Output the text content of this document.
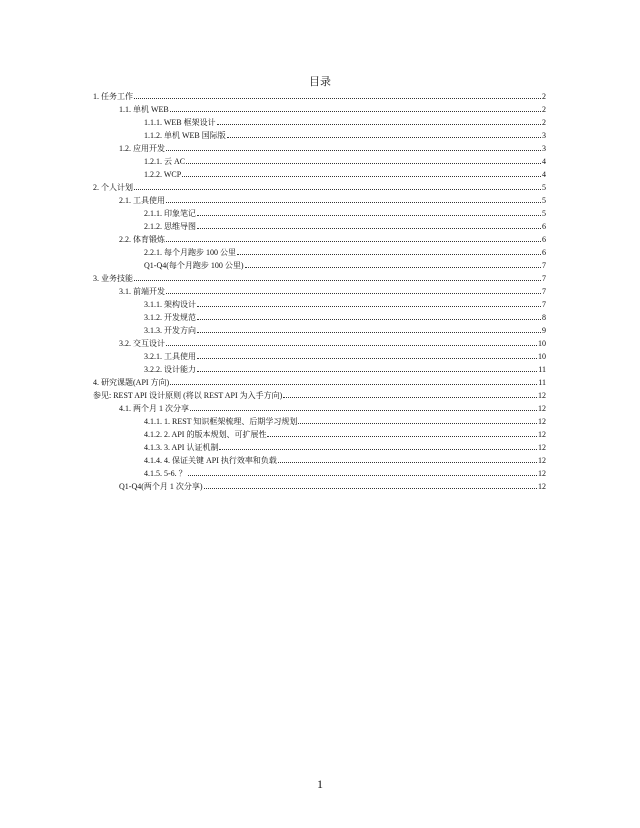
目录
1. 任务工作	2
1.1. 单机 WEB	2
1.1.1. WEB 框架设计	2
1.1.2. 单机 WEB 国际版	3
1.2. 应用开发	3
1.2.1. 云 AC	4
1.2.2. WCP	4
2. 个人计划	5
2.1. 工具使用	5
2.1.1. 印象笔记	5
2.1.2. 思维导图	6
2.2. 体育锻炼	6
2.2.1. 每个月跑步 100 公里	6
Q1-Q4(每个月跑步 100 公里)	7
3. 业务技能	7
3.1. 前端开发	7
3.1.1. 架构设计	7
3.1.2. 开发规范	8
3.1.3. 开发方向	9
3.2. 交互设计	10
3.2.1. 工具使用	10
3.2.2. 设计能力	11
4. 研究课题(API 方向)	11
参见: REST API 设计原则 (将以 REST API 为入手方向)	12
4.1. 两个月 1 次分享	12
4.1.1. 1. REST 知识框架梳理、后期学习规划	12
4.1.2. 2. API 的版本规划、可扩展性	12
4.1.3. 3. API 认证机制	12
4.1.4. 4. 保证关键 API 执行效率和负载	12
4.1.5. 5-6. ？	12
Q1-Q4(两个月 1 次分享)	12
1
